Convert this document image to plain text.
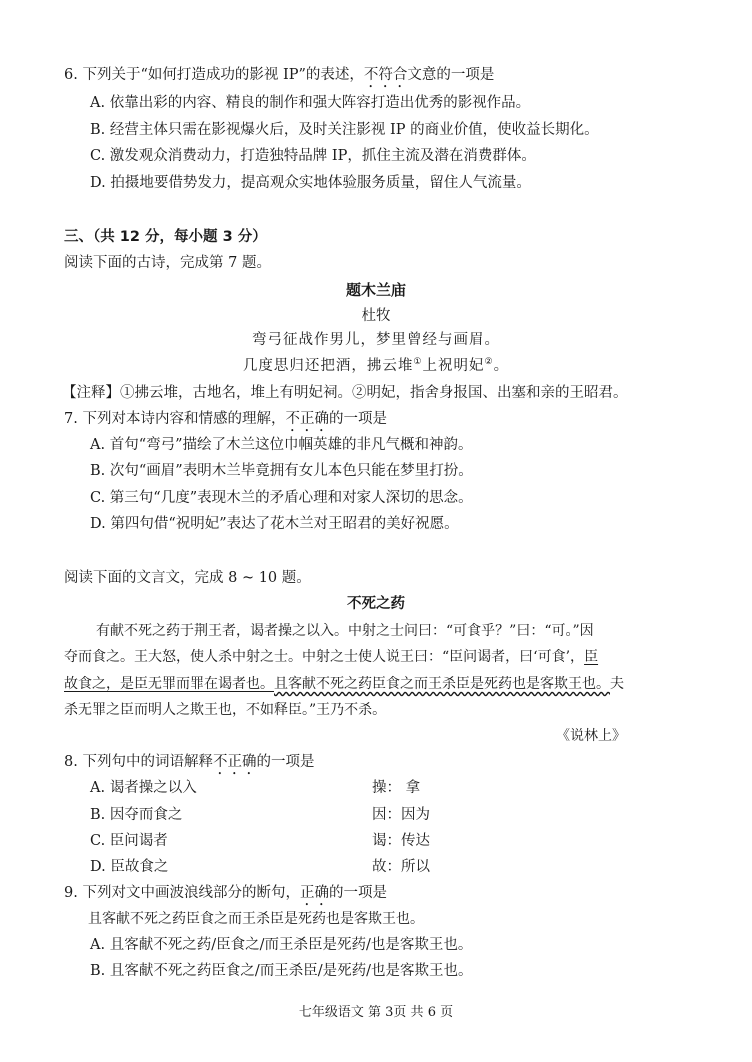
6. 下列关于“如何打造成功的影视 IP”的表述，不符合文意的一项是
A. 依靠出彩的内容、精良的制作和强大阵容打造出优秀的影视作品。
B. 经营主体只需在影视爆火后，及时关注影视 IP 的商业价值，使收益长期化。
C. 激发观众消费动力，打造独特品牌 IP，抓住主流及潜在消费群体。
D. 拍摄地要借势发力，提高观众实地体验服务质量，留住人气流量。
三、（共 12 分，每小题 3 分）
阅读下面的古诗，完成第 7 题。
题木兰庙
杜牧
弯弓征战作男儿，梦里曾经与画眉。
几度思归还把酒，拂云堆①上祝明妃②。
【注释】①拂云堆，古地名，堆上有明妃祠。②明妃，指舍身报国、出塞和亲的王昭君。
7. 下列对本诗内容和情感的理解，不正确的一项是
A. 首句“弯弓”描绘了木兰这位巾帼英雄的非凡气概和神韵。
B. 次句“画眉”表明木兰毕竟拥有女儿本色只能在梦里打扮。
C. 第三句“几度”表现木兰的矛盾心理和对家人深切的思念。
D. 第四句借“祝明妃”表达了花木兰对王昭君的美好祝愿。
阅读下面的文言文，完成 8 ~ 10 题。
不死之药
有献不死之药于荆王者，谒者操之以入。中射之士问曰：“可食乎？”曰：“可。”因
夺而食之。王大怒，使人杀中射之士。中射之士使人说王曰：“臣问谒者，曰‘可食’，臣
故食之，是臣无罪而罪在谒者也。且客献不死之药臣食之而王杀臣是死药也是客欺王也。夫
杀无罪之臣而明人之欺王也，不如释臣。”王乃不杀。
《说林上》
8. 下列句中的词语解释不正确的一项是
A. 谒者操之以入	操： 拿
B. 因夺而食之	因：因为
C. 臣问谒者	谒：传达
D. 臣故食之	故：所以
9. 下列对文中画波浪线部分的断句，正确的一项是
且客献不死之药臣食之而王杀臣是死药也是客欺王也。
A. 且客献不死之药/臣食之/而王杀臣是死药/也是客欺王也。
B. 且客献不死之药臣食之/而王杀臣/是死药/也是客欺王也。
七年级语文 第 3页 共 6 页
